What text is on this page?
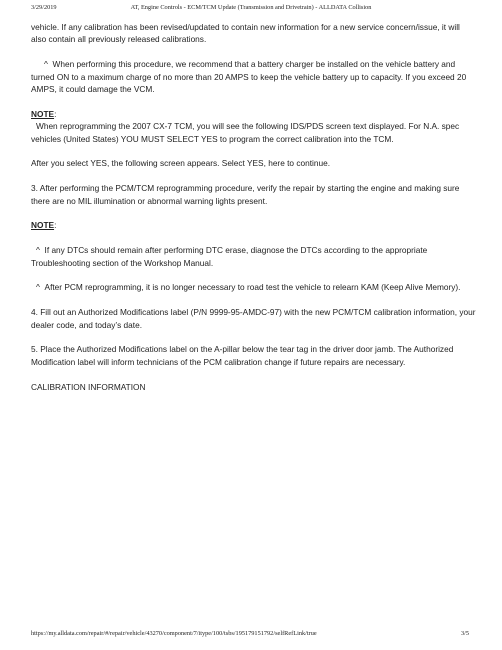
3/29/2019	AT, Engine Controls - ECM/TCM Update (Transmission and Drivetrain) - ALLDATA Collision

vehicle. If any calibration has been revised/updated to contain new information for a new service concern/issue, it will also contain all previously released calibrations.

^ When performing this procedure, we recommend that a battery charger be installed on the vehicle battery and turned ON to a maximum charge of no more than 20 AMPS to keep the vehicle battery up to capacity. If you exceed 20 AMPS, it could damage the VCM.

NOTE:

When reprogramming the 2007 CX-7 TCM, you will see the following IDS/PDS screen text displayed. For N.A. spec vehicles (United States) YOU MUST SELECT YES to program the correct calibration into the TCM.

After you select YES, the following screen appears. Select YES, here to continue.

3. After performing the PCM/TCM reprogramming procedure, verify the repair by starting the engine and making sure there are no MIL illumination or abnormal warning lights present.

NOTE:

^ If any DTCs should remain after performing DTC erase, diagnose the DTCs according to the appropriate Troubleshooting section of the Workshop Manual.

^ After PCM reprogramming, it is no longer necessary to road test the vehicle to relearn KAM (Keep Alive Memory).

4. Fill out an Authorized Modifications label (P/N 9999-95-AMDC-97) with the new PCM/TCM calibration information, your dealer code, and today’s date.

5. Place the Authorized Modifications label on the A-pillar below the tear tag in the driver door jamb. The Authorized Modification label will inform technicians of the PCM calibration change if future repairs are necessary.

CALIBRATION INFORMATION

https://my.alldata.com/repair/#/repair/vehicle/43270/component/7/itype/100/tsbs/195179151792/selfRefLink/true	3/5
